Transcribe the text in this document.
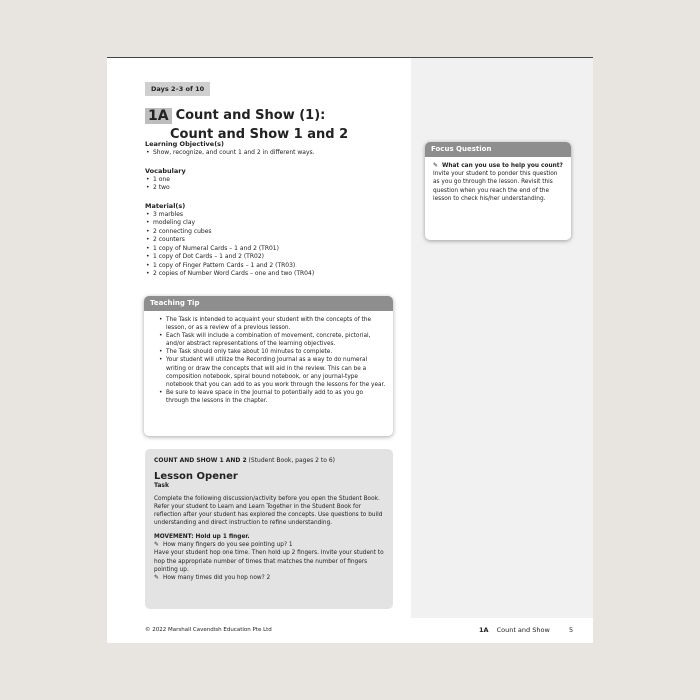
Days 2–3 of 10
1A Count and Show (1):
Count and Show 1 and 2
Learning Objective(s)
• Show, recognize, and count 1 and 2 in different ways.
Vocabulary
• 1 one
• 2 two
Material(s)
• 3 marbles
• modeling clay
• 2 connecting cubes
• 2 counters
• 1 copy of Numeral Cards – 1 and 2 (TR01)
• 1 copy of Dot Cards – 1 and 2 (TR02)
• 1 copy of Finger Pattern Cards – 1 and 2 (TR03)
• 2 copies of Number Word Cards – one and two (TR04)
Teaching Tip
• The Task is intended to acquaint your student with the concepts of the lesson, or as a review of a previous lesson.
• Each Task will include a combination of movement, concrete, pictorial, and/or abstract representations of the learning objectives.
• The Task should only take about 10 minutes to complete.
• Your student will utilize the Recording Journal as a way to do numeral writing or draw the concepts that will aid in the review. This can be a composition notebook, spiral bound notebook, or any journal-type notebook that you can add to as you work through the lessons for the year.
• Be sure to leave space in the Journal to potentially add to as you go through the lessons in the chapter.
COUNT AND SHOW 1 AND 2 (Student Book, pages 2 to 6)
Lesson Opener
Task

Complete the following discussion/activity before you open the Student Book. Refer your student to Learn and Learn Together in the Student Book for reflection after your student has explored the concepts. Use questions to build understanding and direct instruction to refine understanding.

MOVEMENT: Hold up 1 finger.
✎ How many fingers do you see pointing up? 1
Have your student hop one time. Then hold up 2 fingers. Invite your student to hop the appropriate number of times that matches the number of fingers pointing up.
✎ How many times did you hop now? 2
Focus Question
✎ What can you use to help you count?
Invite your student to ponder this question as you go through the lesson. Revisit this question when you reach the end of the lesson to check his/her understanding.
© 2022 Marshall Cavendish Education Pte Ltd	1A Count and Show	5
